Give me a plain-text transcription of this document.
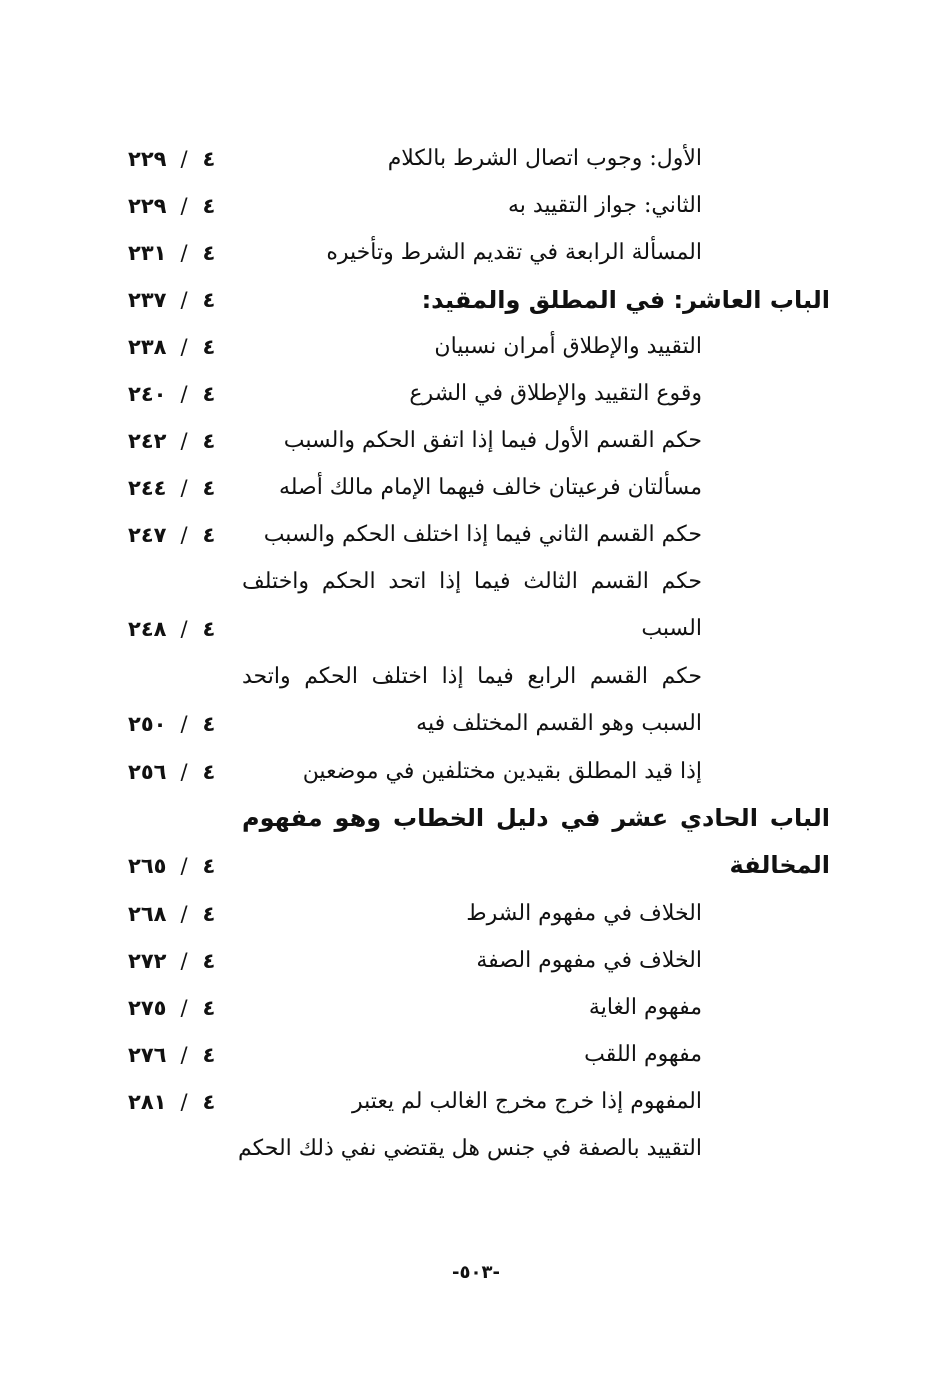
الأول: وجوب اتصال الشرط بالكلام
٢٢٩ / ٤
الثاني: جواز التقييد به
٢٢٩ / ٤
المسألة الرابعة في تقديم الشرط وتأخيره
٢٣١ / ٤
الباب العاشر: في المطلق والمقيد:
٢٣٧ / ٤
التقييد والإطلاق أمران نسبيان
٢٣٨ / ٤
وقوع التقييد والإطلاق في الشرع
٢٤٠ / ٤
حكم القسم الأول فيما إذا اتفق الحكم والسبب
٢٤٢ / ٤
مسألتان فرعيتان خالف فيهما الإمام مالك أصله
٢٤٤ / ٤
حكم القسم الثاني فيما إذا اختلف الحكم والسبب
٢٤٧ / ٤
حكم القسم الثالث فيما إذا اتحد الحكم واختلف السبب
٢٤٨ / ٤
حكم القسم الرابع فيما إذا اختلف الحكم واتحد السبب وهو القسم المختلف فيه
٢٥٠ / ٤
إذا قيد المطلق بقيدين مختلفين في موضعين
٢٥٦ / ٤
الباب الحادي عشر في دليل الخطاب وهو مفهوم المخالفة
٢٦٥ / ٤
الخلاف في مفهوم الشرط
٢٦٨ / ٤
الخلاف في مفهوم الصفة
٢٧٢ / ٤
مفهوم الغاية
٢٧٥ / ٤
مفهوم اللقب
٢٧٦ / ٤
المفهوم إذا خرج مخرج الغالب لم يعتبر
٢٨١ / ٤
التقييد بالصفة في جنس هل يقتضي نفي ذلك الحكم
-٥٠٣-
